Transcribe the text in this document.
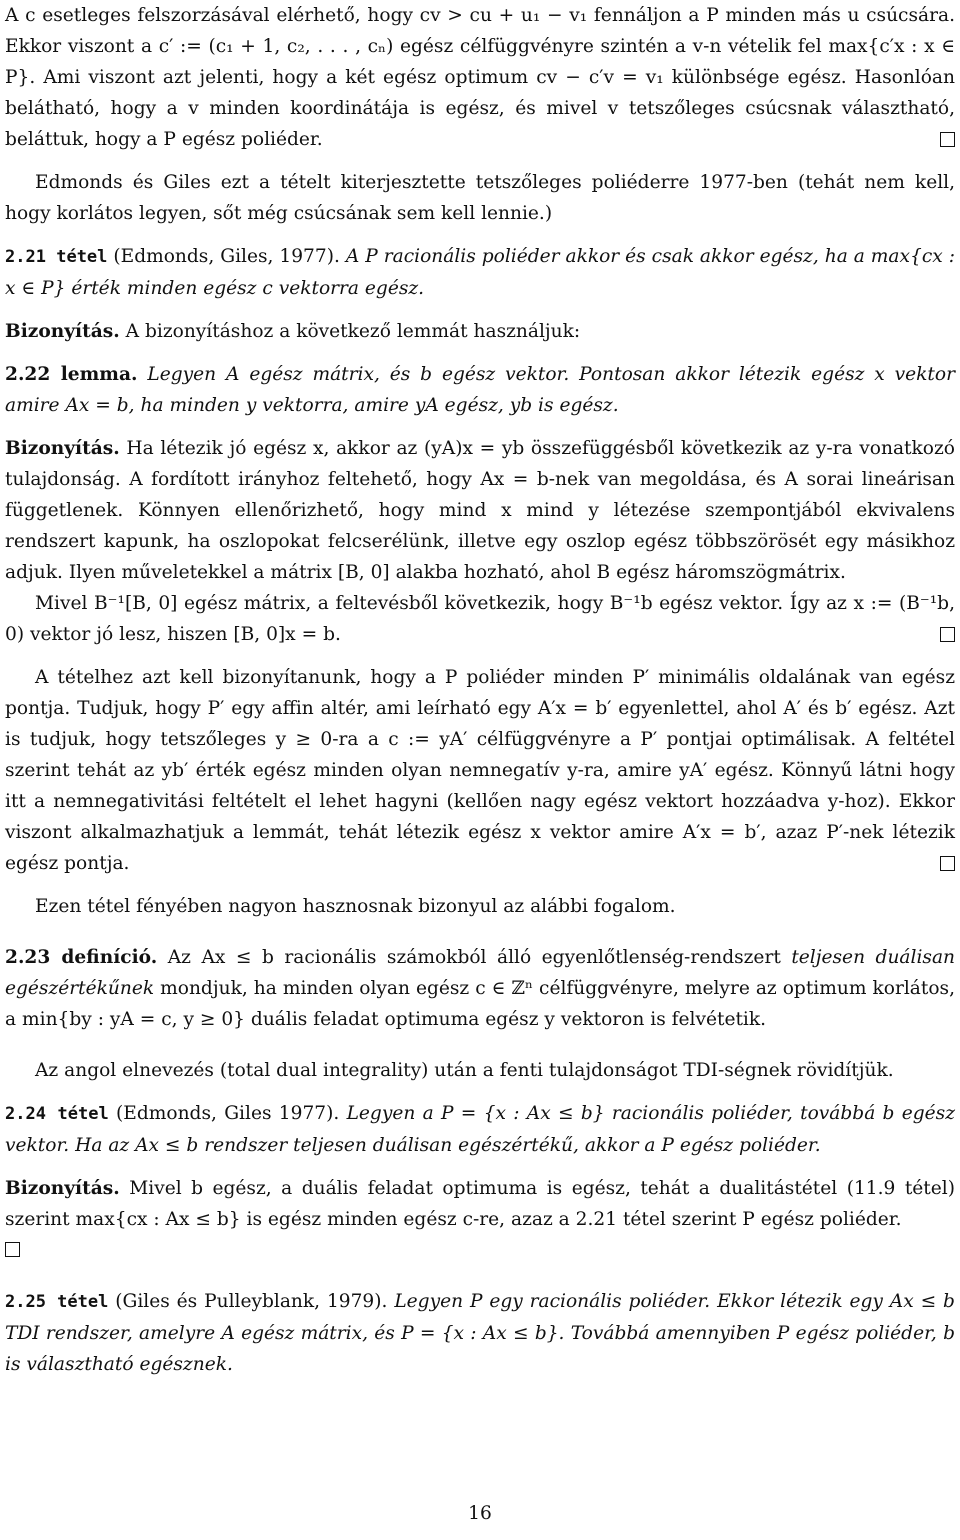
A c esetleges felszorzásával elérhető, hogy cv > cu + u₁ − v₁ fennáljon a P minden más u csúcsára. Ekkor viszont a c′ := (c₁ + 1, c₂, . . . , cₙ) egész célfüggvényre szintén a v-n vételik fel max{c′x : x ∈ P}. Ami viszont azt jelenti, hogy a két egész optimum cv − c′v = v₁ különbsége egész. Hasonlóan belátható, hogy a v minden koordinátája is egész, és mivel v tetszőleges csúcsnak választható, beláttuk, hogy a P egész poliéder.

Edmonds és Giles ezt a tételt kiterjesztette tetszőleges poliéderre 1977-ben (tehát nem kell, hogy korlátos legyen, sőt még csúcsának sem kell lennie.)

2.21 tétel (Edmonds, Giles, 1977). A P racionális poliéder akkor és csak akkor egész, ha a max{cx : x ∈ P} érték minden egész c vektorra egész.

Bizonyítás. A bizonyításhoz a következő lemmát használjuk:

2.22 lemma. Legyen A egész mátrix, és b egész vektor. Pontosan akkor létezik egész x vektor amire Ax = b, ha minden y vektorra, amire yA egész, yb is egész.

Bizonyítás. Ha létezik jó egész x, akkor az (yA)x = yb összefüggésből következik az y-ra vonatkozó tulajdonság. A fordított irányhoz feltehető, hogy Ax = b-nek van megoldása, és A sorai lineárisan függetlenek. Könnyen ellenőrizhető, hogy mind x mind y létezése szempontjából ekvivalens rendszert kapunk, ha oszlopokat felcserélünk, illetve egy oszlop egész többszörösét egy másikhoz adjuk. Ilyen műveletekkel a mátrix [B, 0] alakba hozható, ahol B egész háromszögmátrix.

Mivel B⁻¹[B, 0] egész mátrix, a feltevésből következik, hogy B⁻¹b egész vektor. Így az x := (B⁻¹b, 0) vektor jó lesz, hiszen [B, 0]x = b.

A tételhez azt kell bizonyítanunk, hogy a P poliéder minden P′ minimális oldalának van egész pontja. Tudjuk, hogy P′ egy affin altér, ami leírható egy A′x = b′ egyenlettel, ahol A′ és b′ egész. Azt is tudjuk, hogy tetszőleges y ≥ 0-ra a c := yA′ célfüggvényre a P′ pontjai optimálisak. A feltétel szerint tehát az yb′ érték egész minden olyan nemnegatív y-ra, amire yA′ egész. Könnyű látni hogy itt a nemnegativitási feltételt el lehet hagyni (kellően nagy egész vektort hozzáadva y-hoz). Ekkor viszont alkalmazhatjuk a lemmát, tehát létezik egész x vektor amire A′x = b′, azaz P′-nek létezik egész pontja.

Ezen tétel fényében nagyon hasznosnak bizonyul az alábbi fogalom.

2.23 definíció. Az Ax ≤ b racionális számokból álló egyenlőtlenség-rendszert teljesen duálisan egészértékűnek mondjuk, ha minden olyan egész c ∈ ℤⁿ célfüggvényre, melyre az optimum korlátos, a min{by : yA = c, y ≥ 0} duális feladat optimuma egész y vektoron is felvétetik.

Az angol elnevezés (total dual integrality) után a fenti tulajdonságot TDI-ségnek rövidítjük.

2.24 tétel (Edmonds, Giles 1977). Legyen a P = {x : Ax ≤ b} racionális poliéder, továbbá b egész vektor. Ha az Ax ≤ b rendszer teljesen duálisan egészértékű, akkor a P egész poliéder.

Bizonyítás. Mivel b egész, a duális feladat optimuma is egész, tehát a dualitástétel (11.9 tétel) szerint max{cx : Ax ≤ b} is egész minden egész c-re, azaz a 2.21 tétel szerint P egész poliéder.

2.25 tétel (Giles és Pulleyblank, 1979). Legyen P egy racionális poliéder. Ekkor létezik egy Ax ≤ b TDI rendszer, amelyre A egész mátrix, és P = {x : Ax ≤ b}. Továbbá amennyiben P egész poliéder, b is választható egésznek.

16
